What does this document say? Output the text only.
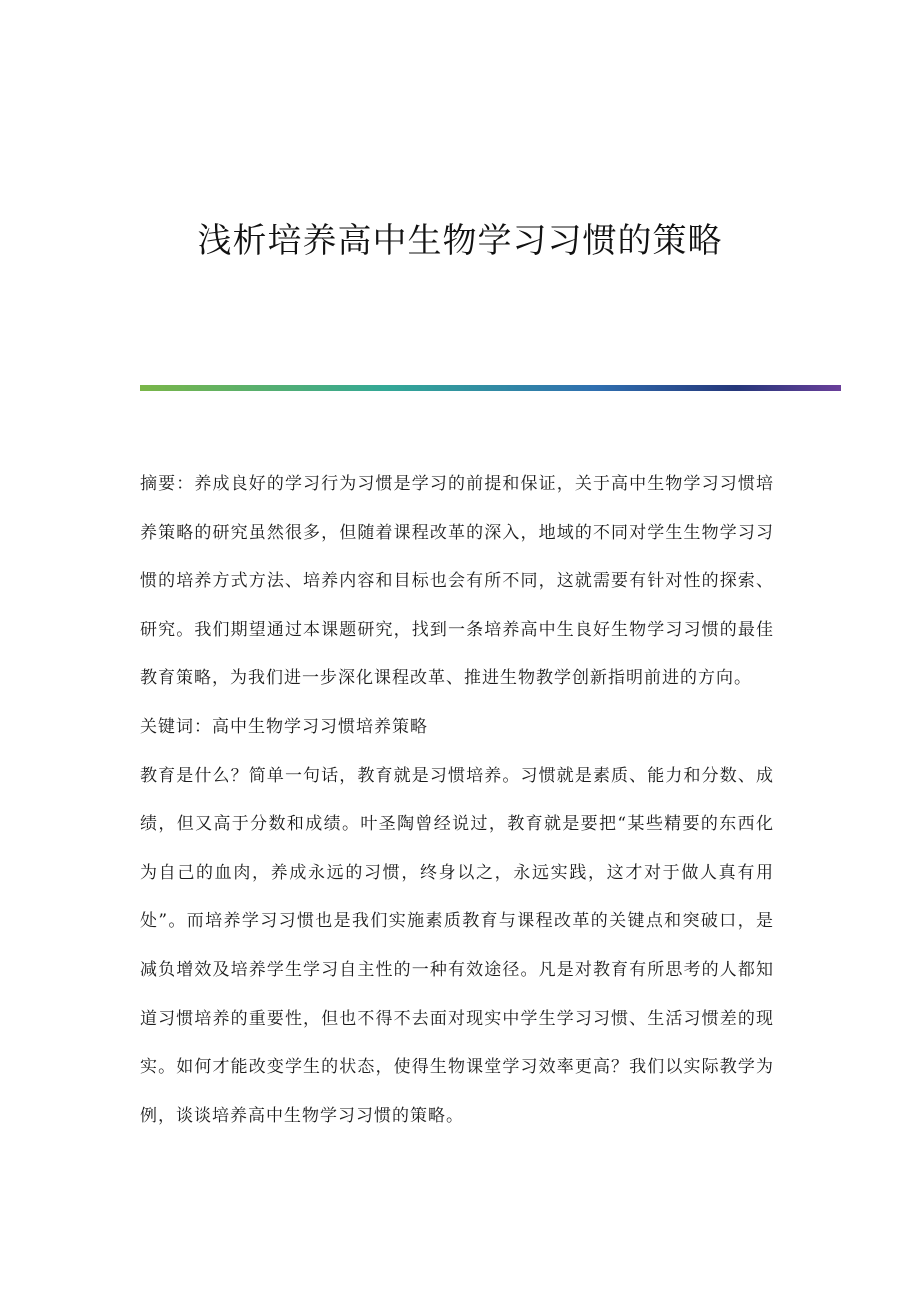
浅析培养高中生物学习习惯的策略

摘要：养成良好的学习行为习惯是学习的前提和保证，关于高中生物学习习惯培养策略的研究虽然很多，但随着课程改革的深入，地域的不同对学生生物学习习惯的培养方式方法、培养内容和目标也会有所不同，这就需要有针对性的探索、研究。我们期望通过本课题研究，找到一条培养高中生良好生物学习习惯的最佳教育策略，为我们进一步深化课程改革、推进生物教学创新指明前进的方向。

关键词：高中生物学习习惯培养策略

教育是什么？简单一句话，教育就是习惯培养。习惯就是素质、能力和分数、成绩，但又高于分数和成绩。叶圣陶曾经说过，教育就是要把“某些精要的东西化为自己的血肉，养成永远的习惯，终身以之，永远实践，这才对于做人真有用处”。而培养学习习惯也是我们实施素质教育与课程改革的关键点和突破口，是减负增效及培养学生学习自主性的一种有效途径。凡是对教育有所思考的人都知道习惯培养的重要性，但也不得不去面对现实中学生学习习惯、生活习惯差的现实。如何才能改变学生的状态，使得生物课堂学习效率更高？我们以实际教学为例，谈谈培养高中生物学习习惯的策略。
